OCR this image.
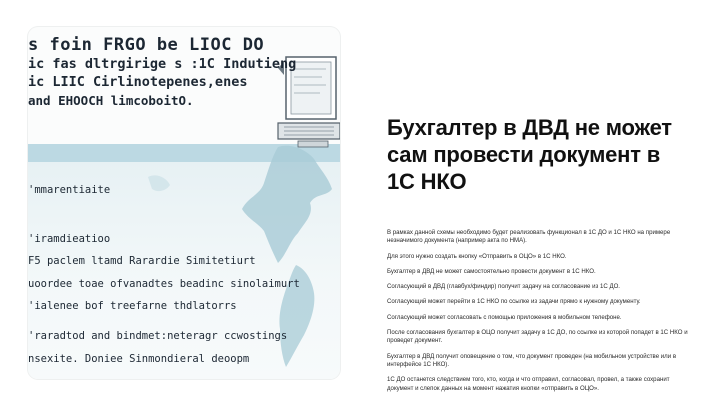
s foin FRGO be LIOC DO
ic fas dltrgirige s :1C Indutieng
ic LIIC Cirlinotepenes,enes
and EHOOCH limcoboitO.
'mmarentiaite
'iramdieatioo
F5 paclem ltamd Rarardie Simitetiurt
uoordee toae ofvanadtes beadinc sinolaimurt
'ialenee bof treefarne thdlatorrs
'raradtod and bindmet:neteragr ccwostings
nsexite. Doniee Sinmondieral deoopm
Бухгалтер в ДВД не может сам провести документ в 1С НКО

В рамках данной схемы необходимо будет реализовать функционал в 1С ДО и 1С НКО на примере незначимого документа (например акта по НМА).

Для этого нужно создать кнопку «Отправить в ОЦО» в 1С НКО.

Бухгалтер в ДВД не может самостоятельно провести документ в 1С НКО.

Согласующий в ДВД (главбух/финдир) получит задачу на согласование из 1С ДО.

Согласующий может перейти в 1С НКО по ссылке из задачи прямо к нужному документу.

Согласующий может согласовать с помощью приложения в мобильном телефоне.

После согласования бухгалтер в ОЦО получит задачу в 1С ДО, по ссылке из которой попадет в 1С НКО и проведет документ.

Бухгалтер в ДВД получит оповещение о том, что документ проведен (на мобильном устройстве или в интерфейсе 1С НКО).

1С ДО останется следствием того, кто, когда и что отправил, согласовал, провел, а также сохранит документ и слепок данных на момент нажатия кнопки «отправить в ОЦО».
